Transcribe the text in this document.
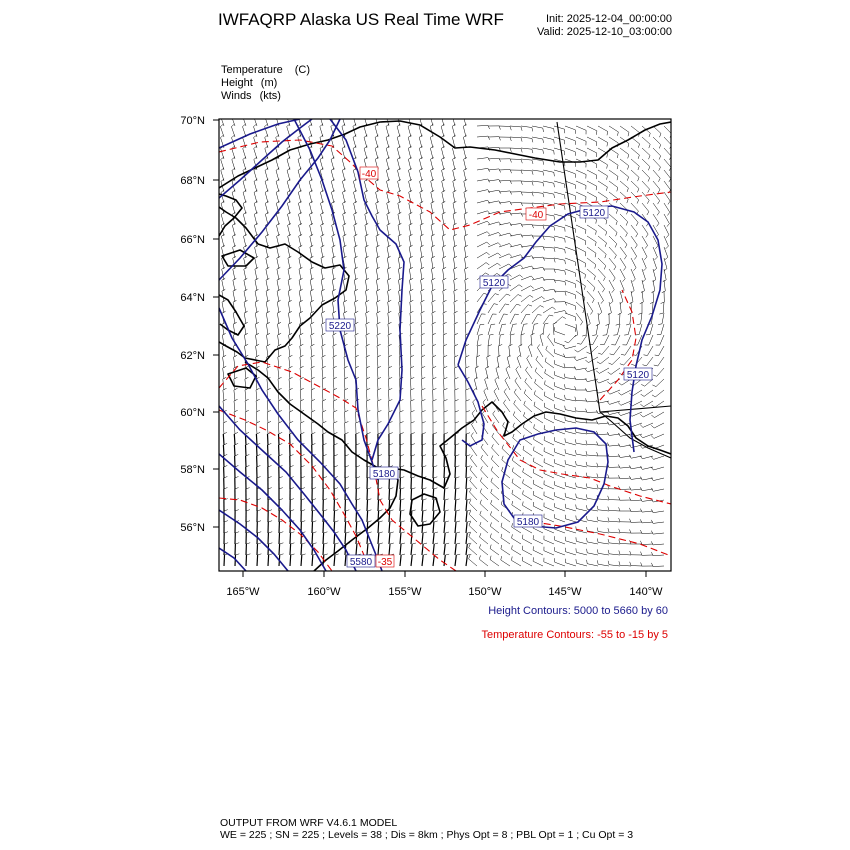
IWFAQRP Alaska US Real Time WRF	Init: 2025-12-04_00:00:00
Valid: 2025-12-10_03:00:00
Temperature (C)
Height (m)
Winds (kts)
70°N
68°N
66°N
64°N
62°N
60°N
58°N
56°N
165°W	160°W	155°W	150°W	145°W	140°W
5220
5120
5120
5120
5180
5180
5580
-40
-40
-35
Height Contours: 5000 to 5660 by 60
Temperature Contours: -55 to -15 by 5
OUTPUT FROM WRF V4.6.1 MODEL
WE = 225 ; SN = 225 ; Levels = 38 ; Dis = 8km ; Phys Opt = 8 ; PBL Opt = 1 ; Cu Opt = 3
